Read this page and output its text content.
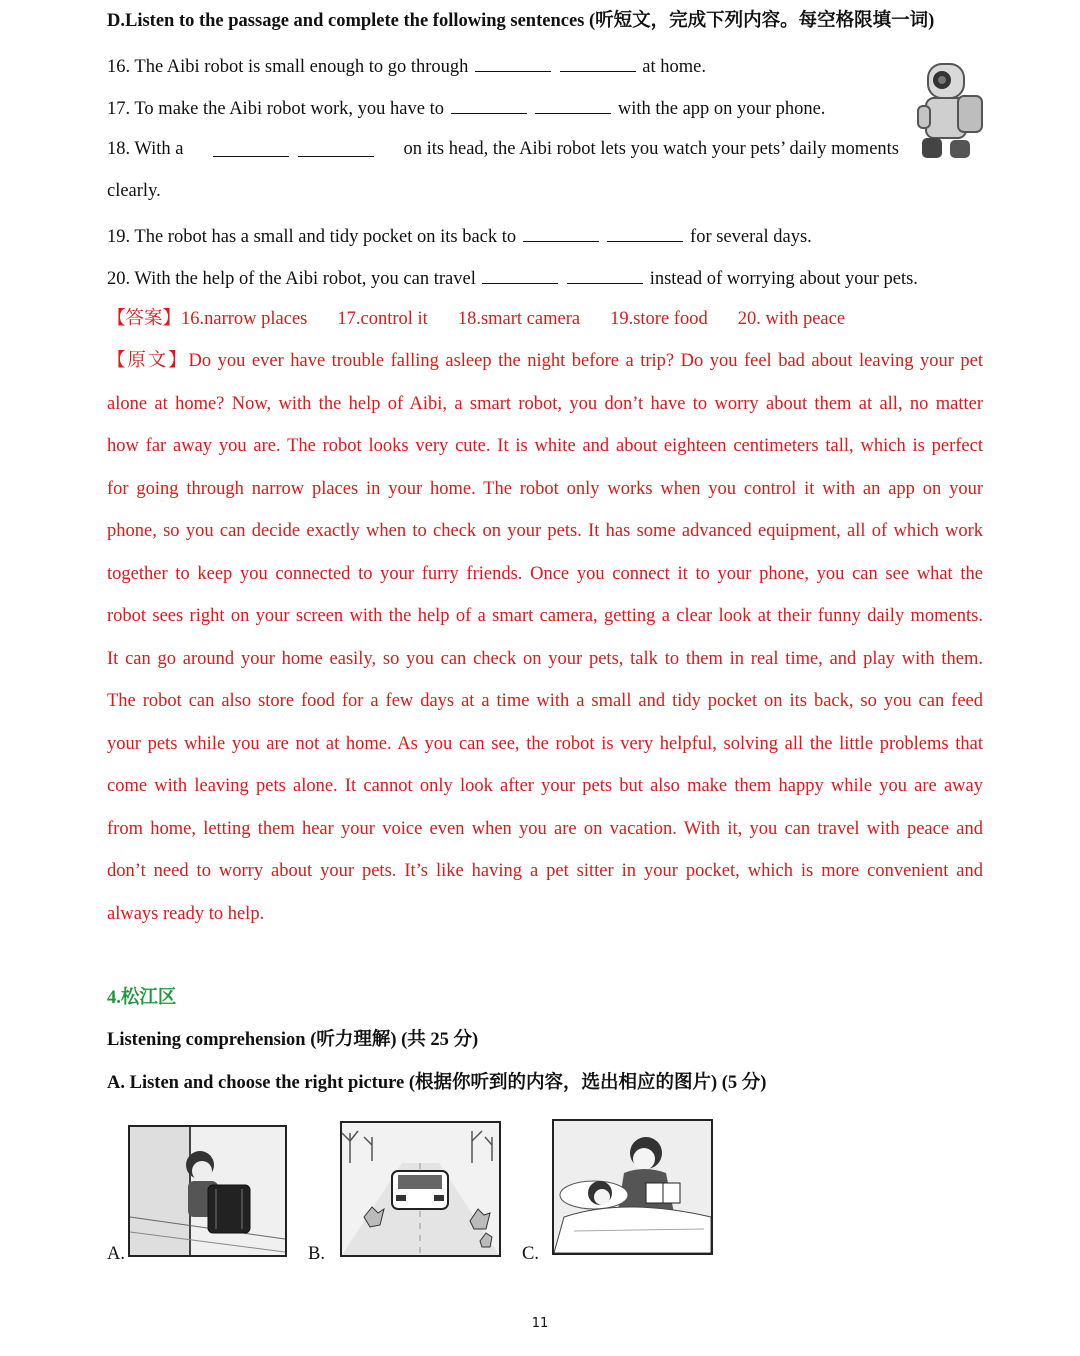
D.Listen to the passage and complete the following sentences (听短文，完成下列内容。每空格限填一词)
16. The Aibi robot is small enough to go through	at home.
17. To make the Aibi robot work, you have to	with the app on your phone.
18. With a
	on its head, the Aibi robot lets you watch your pets’ daily moments
clearly.
19. The robot has a small and tidy pocket on its back to	for several days.
20. With the help of the Aibi robot, you can travel	instead of worrying about your pets.
【答案】16.narrow places 17.control it 18.smart camera 19.store food 20. with peace
【原文】Do you ever have trouble falling asleep the night before a trip? Do you feel bad about leaving your pet
alone at home? Now, with the help of Aibi, a smart robot, you don’t have to worry about them at all, no matter
how far away you are. The robot looks very cute. It is white and about eighteen centimeters tall, which is perfect
for going through narrow places in your home. The robot only works when you control it with an app on your
phone, so you can decide exactly when to check on your pets. It has some advanced equipment, all of which work
together to keep you connected to your furry friends. Once you connect it to your phone, you can see what the
robot sees right on your screen with the help of a smart camera, getting a clear look at their funny daily moments.
It can go around your home easily, so you can check on your pets, talk to them in real time, and play with them.
The robot can also store food for a few days at a time with a small and tidy pocket on its back, so you can feed
your pets while you are not at home. As you can see, the robot is very helpful, solving all the little problems that
come with leaving pets alone. It cannot only look after your pets but also make them happy while you are away
from home, letting them hear your voice even when you are on vacation. With it, you can travel with peace and
don’t need to worry about your pets. It’s like having a pet sitter in your pocket, which is more convenient and
always ready to help.
4.松江区
Listening comprehension (听力理解) (共 25 分)
A. Listen and choose the right picture (根据你听到的内容，选出相应的图片) (5 分)
A.	B.	C.
11
